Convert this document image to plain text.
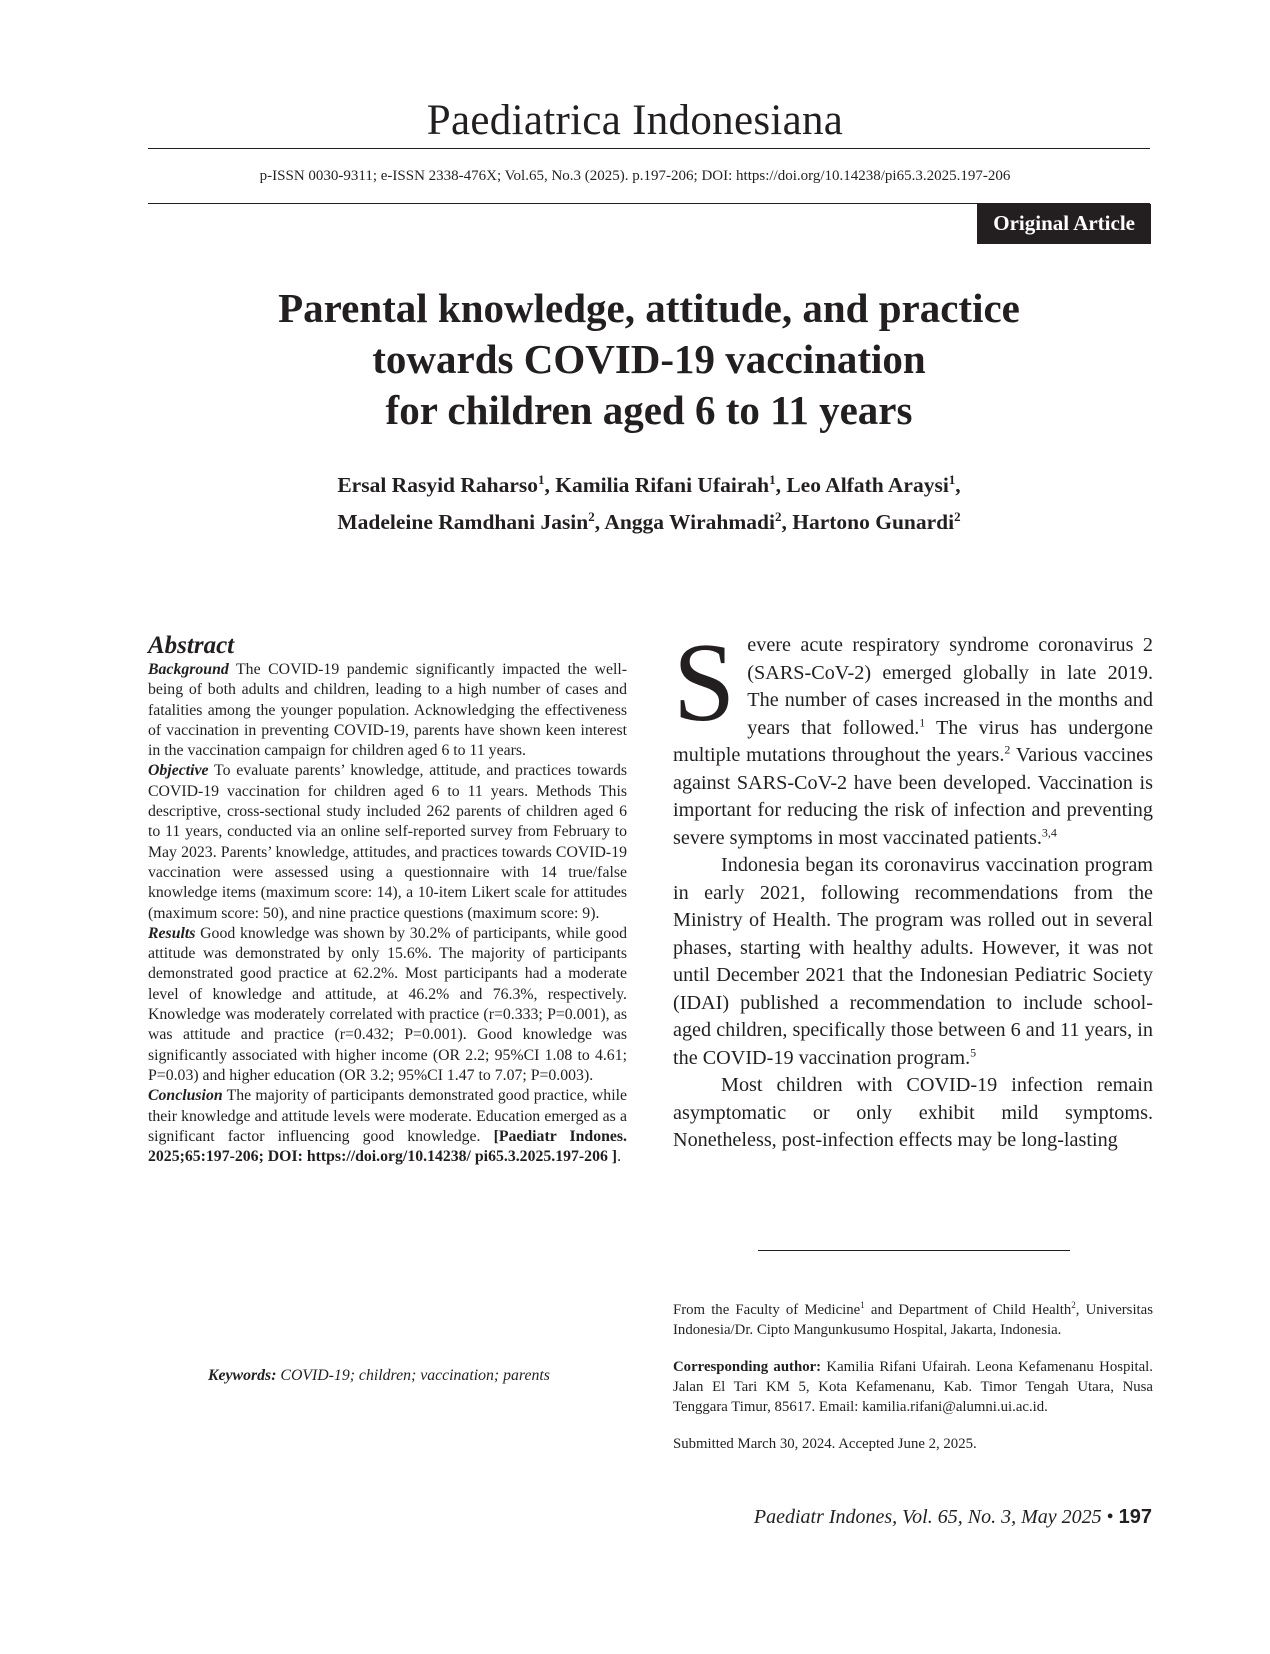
Paediatrica Indonesiana
p-ISSN 0030-9311; e-ISSN 2338-476X; Vol.65, No.3 (2025). p.197-206; DOI: https://doi.org/10.14238/pi65.3.2025.197-206
Original Article
Parental knowledge, attitude, and practice
towards COVID-19 vaccination
for children aged 6 to 11 years
Ersal Rasyid Raharso$^1$, Kamilia Rifani Ufairah$^1$, Leo Alfath Araysi$^1$,
Madeleine Ramdhani Jasin$^2$, Angga Wirahmadi$^2$, Hartono Gunardi$^2$
Abstract

Background The COVID-19 pandemic significantly impacted the well-being of both adults and children, leading to a high number of cases and fatalities among the younger population. Acknowledging the effectiveness of vaccination in preventing COVID-19, parents have shown keen interest in the vaccination campaign for children aged 6 to 11 years.
Objective To evaluate parents’ knowledge, attitude, and practices towards COVID-19 vaccination for children aged 6 to 11 years. Methods This descriptive, cross-sectional study included 262 parents of children aged 6 to 11 years, conducted via an online self-reported survey from February to May 2023. Parents’ knowledge, attitudes, and practices towards COVID-19 vaccination were assessed using a questionnaire with 14 true/false knowledge items (maximum score: 14), a 10-item Likert scale for attitudes (maximum score: 50), and nine practice questions (maximum score: 9).
Results Good knowledge was shown by 30.2% of participants, while good attitude was demonstrated by only 15.6%. The majority of participants demonstrated good practice at 62.2%. Most participants had a moderate level of knowledge and attitude, at 46.2% and 76.3%, respectively. Knowledge was moderately correlated with practice (r=0.333; P=0.001), as was attitude and practice (r=0.432; P=0.001). Good knowledge was significantly associated with higher income (OR 2.2; 95%CI 1.08 to 4.61; P=0.03) and higher education (OR 3.2; 95%CI 1.47 to 7.07; P=0.003).
Conclusion The majority of participants demonstrated good practice, while their knowledge and attitude levels were moderate. Education emerged as a significant factor influencing good knowledge. [Paediatr Indones. 2025;65:197-206; DOI: https://doi.org/10.14238/ pi65.3.2025.197-206 ].

Keywords: COVID-19; children; vaccination; parents

Severe acute respiratory syndrome coronavirus 2 (SARS-CoV-2) emerged globally in late 2019. The number of cases increased in the months and years that followed.$^1$ The virus has undergone multiple mutations throughout the years.$^2$ Various vaccines against SARS-CoV-2 have been developed. Vaccination is important for reducing the risk of infection and preventing severe symptoms in most vaccinated patients.$^{3,4}$

Indonesia began its coronavirus vaccination program in early 2021, following recommendations from the Ministry of Health. The program was rolled out in several phases, starting with healthy adults. However, it was not until December 2021 that the Indonesian Pediatric Society (IDAI) published a recommendation to include school-aged children, specifically those between 6 and 11 years, in the COVID-19 vaccination program.$^5$

Most children with COVID-19 infection remain asymptomatic or only exhibit mild symptoms. Nonetheless, post-infection effects may be long-lasting

From the Faculty of Medicine$^1$ and Department of Child Health$^2$, Universitas Indonesia/Dr. Cipto Mangunkusumo Hospital, Jakarta, Indonesia.

Corresponding author: Kamilia Rifani Ufairah. Leona Kefamenanu Hospital. Jalan El Tari KM 5, Kota Kefamenanu, Kab. Timor Tengah Utara, Nusa Tenggara Timur, 85617. Email: kamilia.rifani@alumni.ui.ac.id.

Submitted March 30, 2024. Accepted June 2, 2025.

Paediatr Indones, Vol. 65, No. 3, May 2025 • 197
